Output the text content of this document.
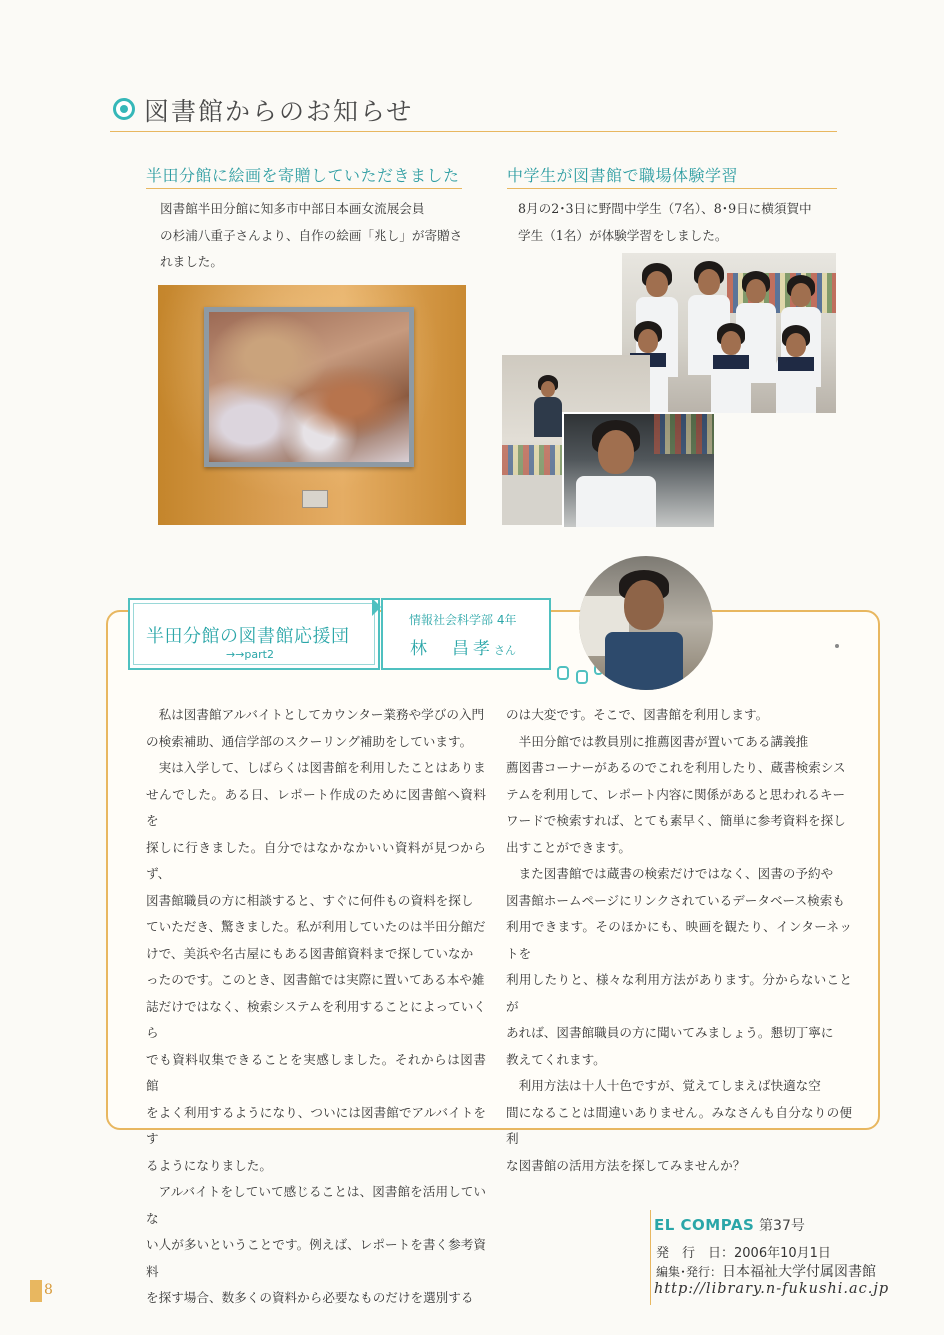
図書館からのお知らせ
半田分館に絵画を寄贈していただきました
図書館半田分館に知多市中部日本画女流展会員
の杉浦八重子さんより、自作の絵画「兆し」が寄贈さ
れました。
中学生が図書館で職場体験学習
8月の2･3日に野間中学生（7名）、8･9日に横須賀中
学生（1名）が体験学習をしました。
半田分館の図書館応援団
→→part2
情報社会科学部 4年
林　昌孝さん
私は図書館アルバイトとしてカウンター業務や学びの入門
の検索補助、通信学部のスクーリング補助をしています。
実は入学して、しばらくは図書館を利用したことはありま
せんでした。ある日、レポート作成のために図書館へ資料を
探しに行きました。自分ではなかなかいい資料が見つからず、
図書館職員の方に相談すると、すぐに何件もの資料を探し
ていただき、驚きました。私が利用していたのは半田分館だ
けで、美浜や名古屋にもある図書館資料まで探していなか
ったのです。このとき、図書館では実際に置いてある本や雑
誌だけではなく、検索システムを利用することによっていくら
でも資料収集できることを実感しました。それからは図書館
をよく利用するようになり、ついには図書館でアルバイトをす
るようになりました。
アルバイトをしていて感じることは、図書館を活用していな
い人が多いということです。例えば、レポートを書く参考資料
を探す場合、数多くの資料から必要なものだけを選別する
のは大変です。そこで、図書館を利用します。
半田分館では教員別に推薦図書が置いてある講義推
薦図書コーナーがあるのでこれを利用したり、蔵書検索シス
テムを利用して、レポート内容に関係があると思われるキー
ワードで検索すれば、とても素早く、簡単に参考資料を探し
出すことができます。
また図書館では蔵書の検索だけではなく、図書の予約や
図書館ホームページにリンクされているデータベース検索も
利用できます。そのほかにも、映画を観たり、インターネットを
利用したりと、様々な利用方法があります。分からないことが
あれば、図書館職員の方に聞いてみましょう。懇切丁寧に
教えてくれます。
利用方法は十人十色ですが、覚えてしまえば快適な空
間になることは間違いありません。みなさんも自分なりの便利
な図書館の活用方法を探してみませんか？
EL COMPAS 第37号
発　行　日：2006年10月1日
編集･発行：日本福祉大学付属図書館
http://library.n-fukushi.ac.jp
8
